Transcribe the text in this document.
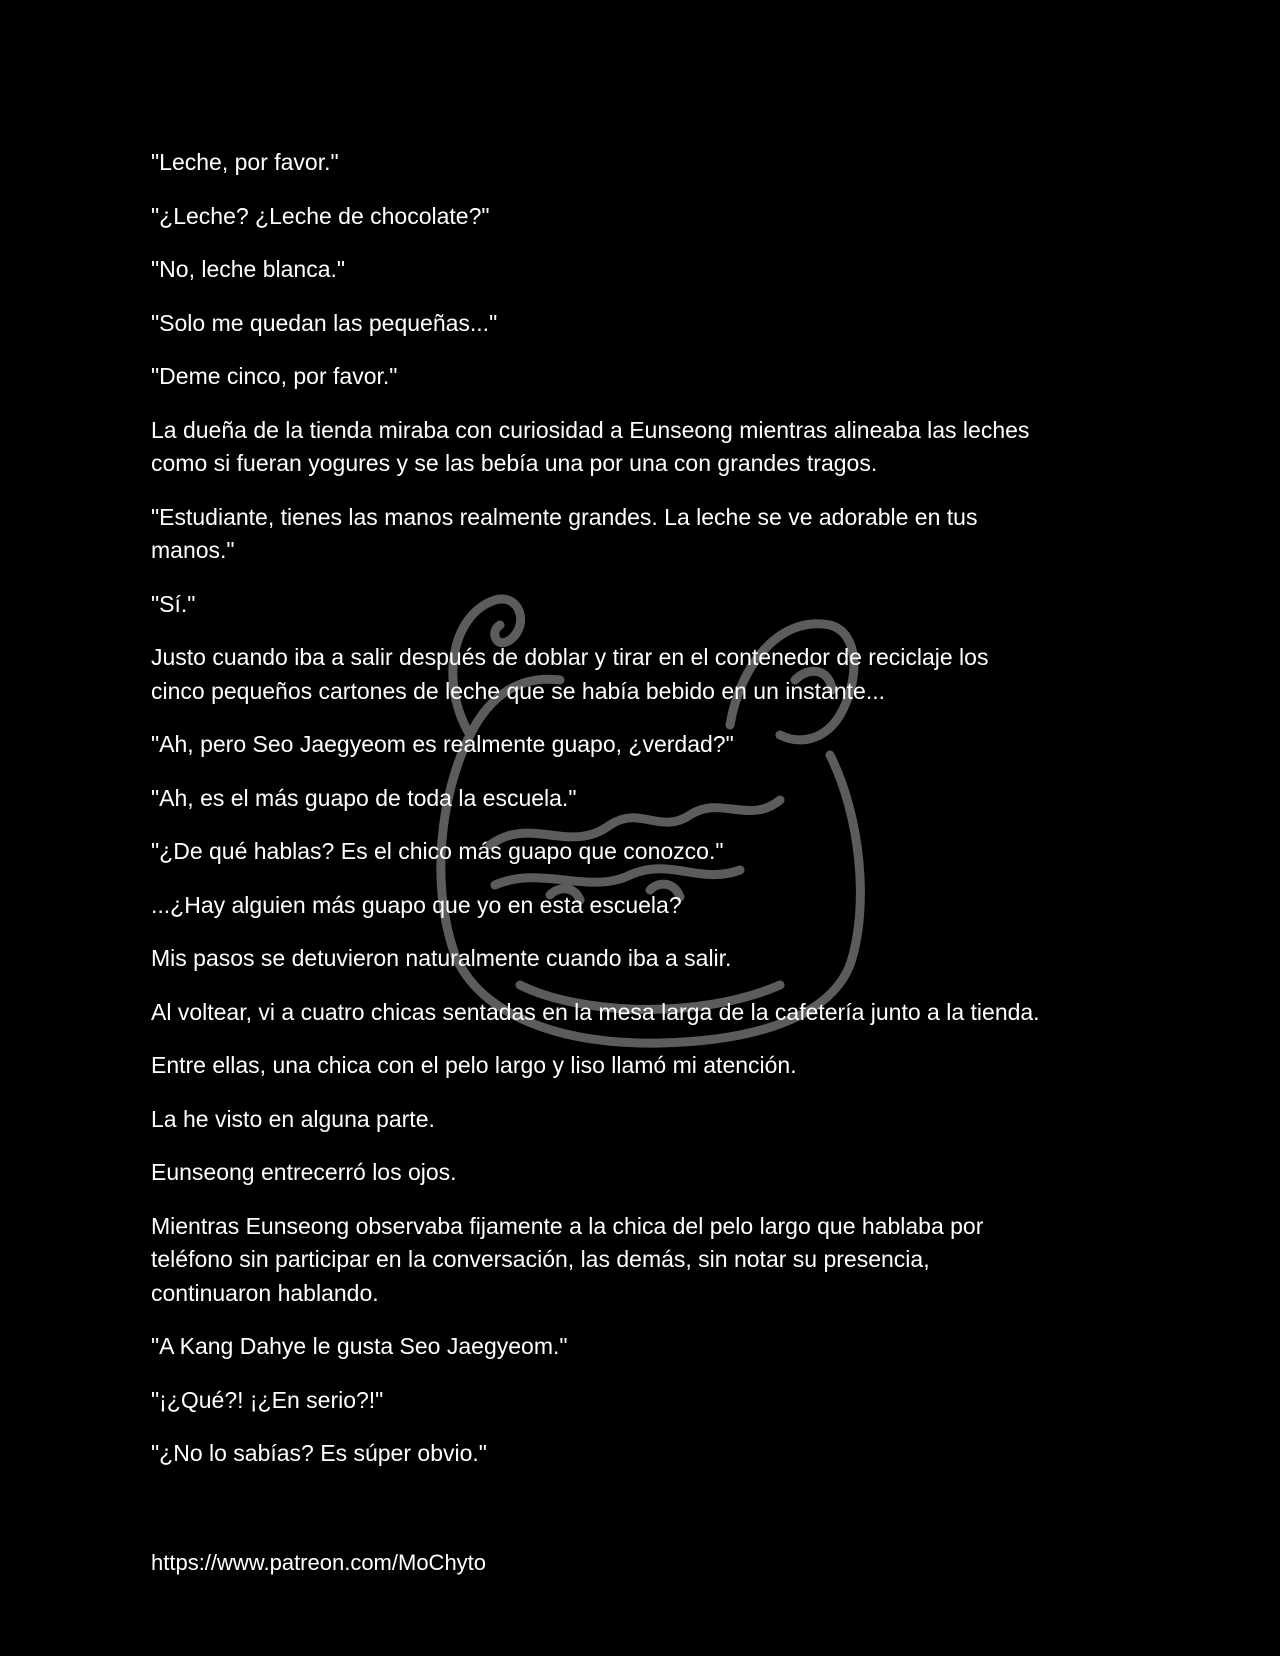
"Leche, por favor."

"¿Leche? ¿Leche de chocolate?"

"No, leche blanca."

"Solo me quedan las pequeñas..."

"Deme cinco, por favor."

La dueña de la tienda miraba con curiosidad a Eunseong mientras alineaba las leches
como si fueran yogures y se las bebía una por una con grandes tragos.

"Estudiante, tienes las manos realmente grandes. La leche se ve adorable en tus
manos."

"Sí."

Justo cuando iba a salir después de doblar y tirar en el contenedor de reciclaje los
cinco pequeños cartones de leche que se había bebido en un instante...

"Ah, pero Seo Jaegyeom es realmente guapo, ¿verdad?"

"Ah, es el más guapo de toda la escuela."

"¿De qué hablas? Es el chico más guapo que conozco."

...¿Hay alguien más guapo que yo en esta escuela?

Mis pasos se detuvieron naturalmente cuando iba a salir.

Al voltear, vi a cuatro chicas sentadas en la mesa larga de la cafetería junto a la tienda.

Entre ellas, una chica con el pelo largo y liso llamó mi atención.

La he visto en alguna parte.

Eunseong entrecerró los ojos.

Mientras Eunseong observaba fijamente a la chica del pelo largo que hablaba por
teléfono sin participar en la conversación, las demás, sin notar su presencia,
continuaron hablando.

"A Kang Dahye le gusta Seo Jaegyeom."

"¡¿Qué?! ¡¿En serio?!"

"¿No lo sabías? Es súper obvio."

https://www.patreon.com/MoChyto
